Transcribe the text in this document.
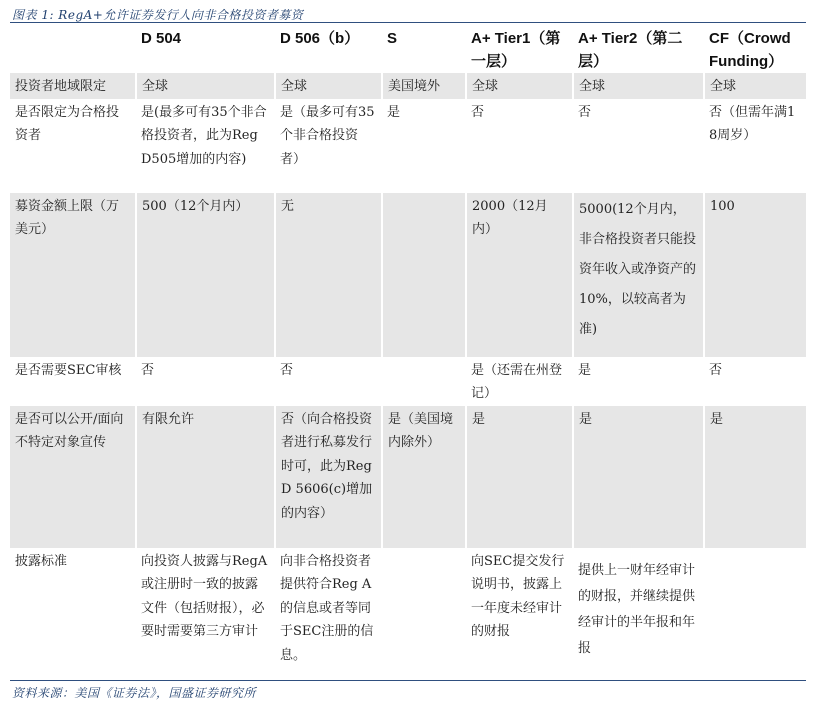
图表 1: RegA+允许证券发行人向非合格投资者募资
	D 504	D 506（b）	S	A+ Tier1（第一层）	A+ Tier2（第二层）	CF（Crowd Funding）
投资者地域限定	全球	全球	美国境外	全球	全球	全球
是否限定为合格投资者	是(最多可有35个非合格投资者，此为Reg D505增加的内容)	是（最多可有35个非合格投资者）	是	否	否	否（但需年满18周岁）
募资金额上限（万美元）	500（12个月内）	无		2000（12月内）	5000(12个月内，非合格投资者只能投资年收入或净资产的10%，以较高者为准)	100
是否需要SEC审核	否	否		是（还需在州登记）	是	否
是否可以公开/面向不特定对象宣传	有限允许	否（向合格投资者进行私募发行时可，此为Reg D 5606(c)增加的内容）	是（美国境内除外）	是	是	是
披露标准	向投资人披露与RegA或注册时一致的披露文件（包括财报），必要时需要第三方审计	向非合格投资者提供符合Reg A的信息或者等同于SEC注册的信息。		向SEC提交发行说明书，披露上一年度未经审计的财报	提供上一财年经审计的财报，并继续提供经审计的半年报和年报	
资料来源：美国《证券法》，国盛证券研究所
